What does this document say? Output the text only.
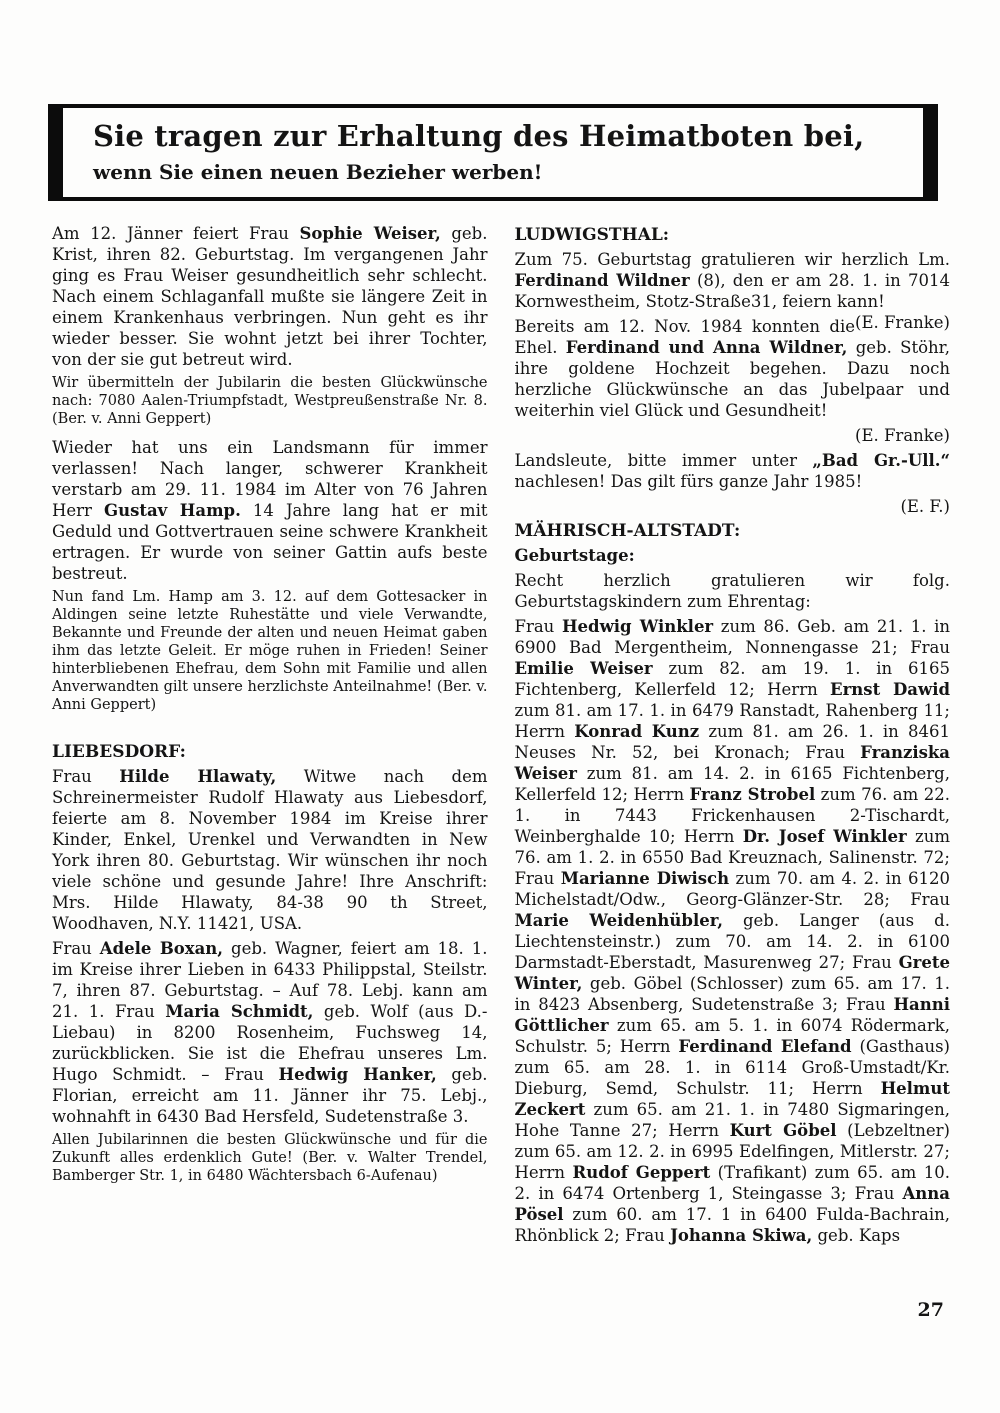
Sie tragen zur Erhaltung des Heimatboten bei,
wenn Sie einen neuen Bezieher werben!
Am 12. Jänner feiert Frau Sophie Weiser, geb. Krist, ihren 82. Geburtstag. Im vergangenen Jahr ging es Frau Weiser gesundheitlich sehr schlecht. Nach einem Schlaganfall mußte sie längere Zeit in einem Krankenhaus verbringen. Nun geht es ihr wieder besser. Sie wohnt jetzt bei ihrer Tochter, von der sie gut betreut wird.
Wir übermitteln der Jubilarin die besten Glückwünsche nach: 7080 Aalen-Triumpfstadt, Westpreußenstraße Nr. 8. (Ber. v. Anni Geppert)
Wieder hat uns ein Landsmann für immer verlassen! Nach langer, schwerer Krankheit verstarb am 29. 11. 1984 im Alter von 76 Jahren Herr Gustav Hamp. 14 Jahre lang hat er mit Geduld und Gottvertrauen seine schwere Krankheit ertragen. Er wurde von seiner Gattin aufs beste bestreut.
Nun fand Lm. Hamp am 3. 12. auf dem Gottesacker in Aldingen seine letzte Ruhestätte und viele Verwandte, Bekannte und Freunde der alten und neuen Heimat gaben ihm das letzte Geleit. Er möge ruhen in Frieden! Seiner hinterbliebenen Ehefrau, dem Sohn mit Familie und allen Anverwandten gilt unsere herzlichste Anteilnahme! (Ber. v. Anni Geppert)
LIEBESDORF:
Frau Hilde Hlawaty, Witwe nach dem Schreinermeister Rudolf Hlawaty aus Liebesdorf, feierte am 8. November 1984 im Kreise ihrer Kinder, Enkel, Urenkel und Verwandten in New York ihren 80. Geburtstag. Wir wünschen ihr noch viele schöne und gesunde Jahre! Ihre Anschrift: Mrs. Hilde Hlawaty, 84-38 90 th Street, Woodhaven, N.Y. 11421, USA.
Frau Adele Boxan, geb. Wagner, feiert am 18. 1. im Kreise ihrer Lieben in 6433 Philippstal, Steilstr. 7, ihren 87. Geburtstag. – Auf 78. Lebj. kann am 21. 1. Frau Maria Schmidt, geb. Wolf (aus D.-Liebau) in 8200 Rosenheim, Fuchsweg 14, zurückblicken. Sie ist die Ehefrau unseres Lm. Hugo Schmidt. – Frau Hedwig Hanker, geb. Florian, erreicht am 11. Jänner ihr 75. Lebj., wohnahft in 6430 Bad Hersfeld, Sudetenstraße 3.
Allen Jubilarinnen die besten Glückwünsche und für die Zukunft alles erdenklich Gute! (Ber. v. Walter Trendel, Bamberger Str. 1, in 6480 Wächtersbach 6-Aufenau)
LUDWIGSTHAL:
Zum 75. Geburtstag gratulieren wir herzlich Lm. Ferdinand Wildner (8), den er am 28. 1. in 7014 Kornwestheim, Stotz-Straße31, feiern kann!
(E. Franke)
Bereits am 12. Nov. 1984 konnten die Ehel. Ferdinand und Anna Wildner, geb. Stöhr, ihre goldene Hochzeit begehen. Dazu noch herzliche Glückwünsche an das Jubelpaar und weiterhin viel Glück und Gesundheit!
(E. Franke)
Landsleute, bitte immer unter „Bad Gr.-Ull.“ nachlesen! Das gilt fürs ganze Jahr 1985!
(E. F.)
MÄHRISCH-ALTSTADT:
Geburtstage:
Recht herzlich gratulieren wir folg. Geburtstagskindern zum Ehrentag:
Frau Hedwig Winkler zum 86. Geb. am 21. 1. in 6900 Bad Mergentheim, Nonnengasse 21; Frau Emilie Weiser zum 82. am 19. 1. in 6165 Fichtenberg, Kellerfeld 12; Herrn Ernst Dawid zum 81. am 17. 1. in 6479 Ranstadt, Rahenberg 11; Herrn Konrad Kunz zum 81. am 26. 1. in 8461 Neuses Nr. 52, bei Kronach; Frau Franziska Weiser zum 81. am 14. 2. in 6165 Fichtenberg, Kellerfeld 12; Herrn Franz Strobel zum 76. am 22. 1. in 7443 Frickenhausen 2-Tischardt, Weinberghalde 10; Herrn Dr. Josef Winkler zum 76. am 1. 2. in 6550 Bad Kreuznach, Salinenstr. 72; Frau Marianne Diwisch zum 70. am 4. 2. in 6120 Michelstadt/Odw., Georg-Glänzer-Str. 28; Frau Marie Weidenhübler, geb. Langer (aus d. Liechtensteinstr.) zum 70. am 14. 2. in 6100 Darmstadt-Eberstadt, Masurenweg 27; Frau Grete Winter, geb. Göbel (Schlosser) zum 65. am 17. 1. in 8423 Absenberg, Sudetenstraße 3; Frau Hanni Göttlicher zum 65. am 5. 1. in 6074 Rödermark, Schulstr. 5; Herrn Ferdinand Elefand (Gasthaus) zum 65. am 28. 1. in 6114 Groß-Umstadt/Kr. Dieburg, Semd, Schulstr. 11; Herrn Helmut Zeckert zum 65. am 21. 1. in 7480 Sigmaringen, Hohe Tanne 27; Herrn Kurt Göbel (Lebzeltner) zum 65. am 12. 2. in 6995 Edelfingen, Mitlerstr. 27; Herrn Rudof Geppert (Trafikant) zum 65. am 10. 2. in 6474 Ortenberg 1, Steingasse 3; Frau Anna Pösel zum 60. am 17. 1 in 6400 Fulda-Bachrain, Rhönblick 2; Frau Johanna Skiwa, geb. Kaps
27
